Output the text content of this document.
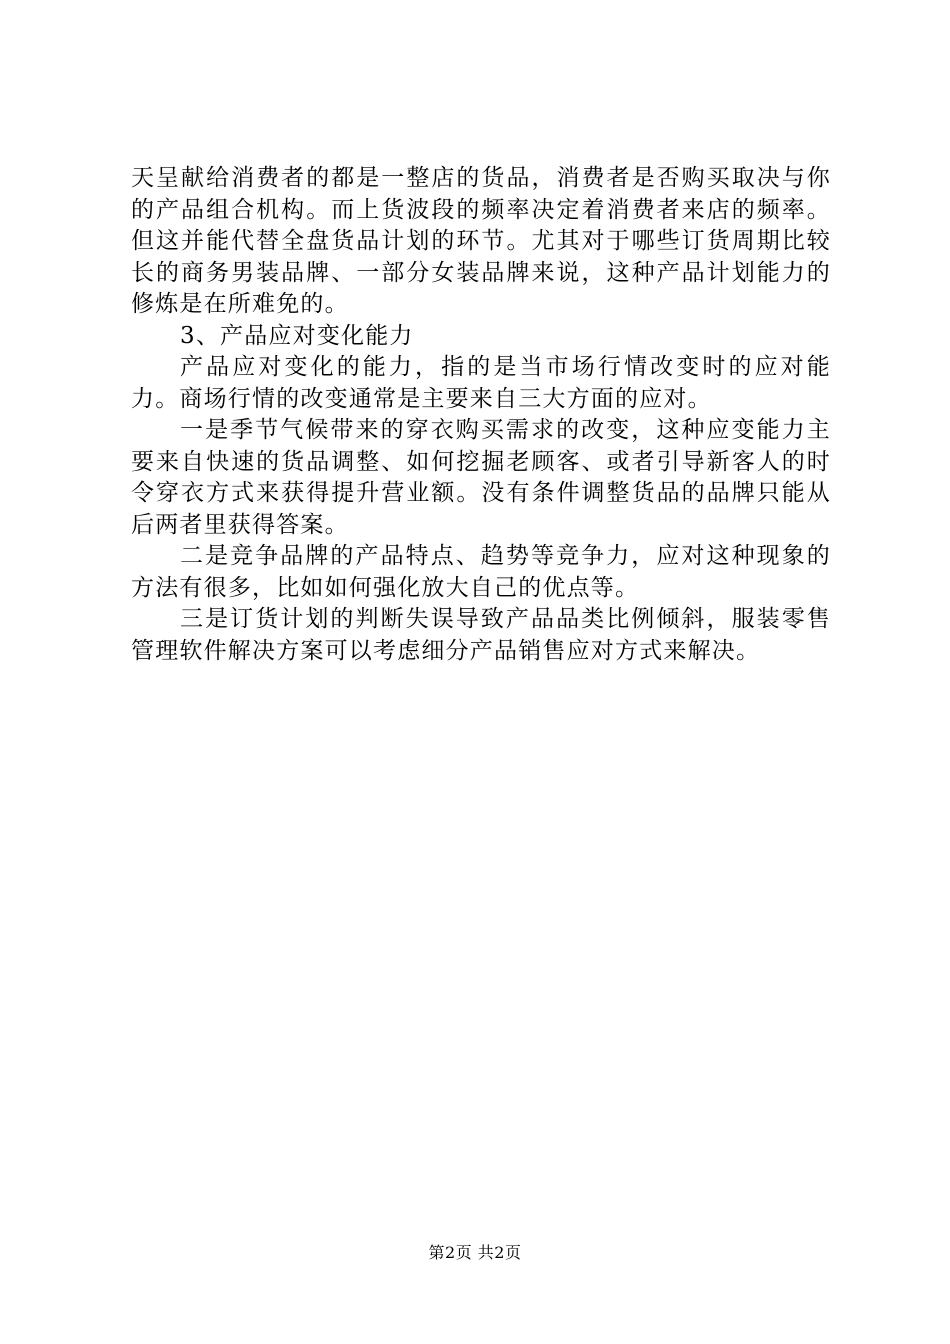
天呈献给消费者的都是一整店的货品，消费者是否购买取决与你的产品组合机构。而上货波段的频率决定着消费者来店的频率。但这并能代替全盘货品计划的环节。尤其对于哪些订货周期比较长的商务男装品牌、一部分女装品牌来说，这种产品计划能力的修炼是在所难免的。

3、产品应对变化能力

产品应对变化的能力，指的是当市场行情改变时的应对能力。商场行情的改变通常是主要来自三大方面的应对。

一是季节气候带来的穿衣购买需求的改变，这种应变能力主要来自快速的货品调整、如何挖掘老顾客、或者引导新客人的时令穿衣方式来获得提升营业额。没有条件调整货品的品牌只能从后两者里获得答案。

二是竞争品牌的产品特点、趋势等竞争力，应对这种现象的方法有很多，比如如何强化放大自己的优点等。

三是订货计划的判断失误导致产品品类比例倾斜，服装零售管理软件解决方案可以考虑细分产品销售应对方式来解决。

第2页 共2页
